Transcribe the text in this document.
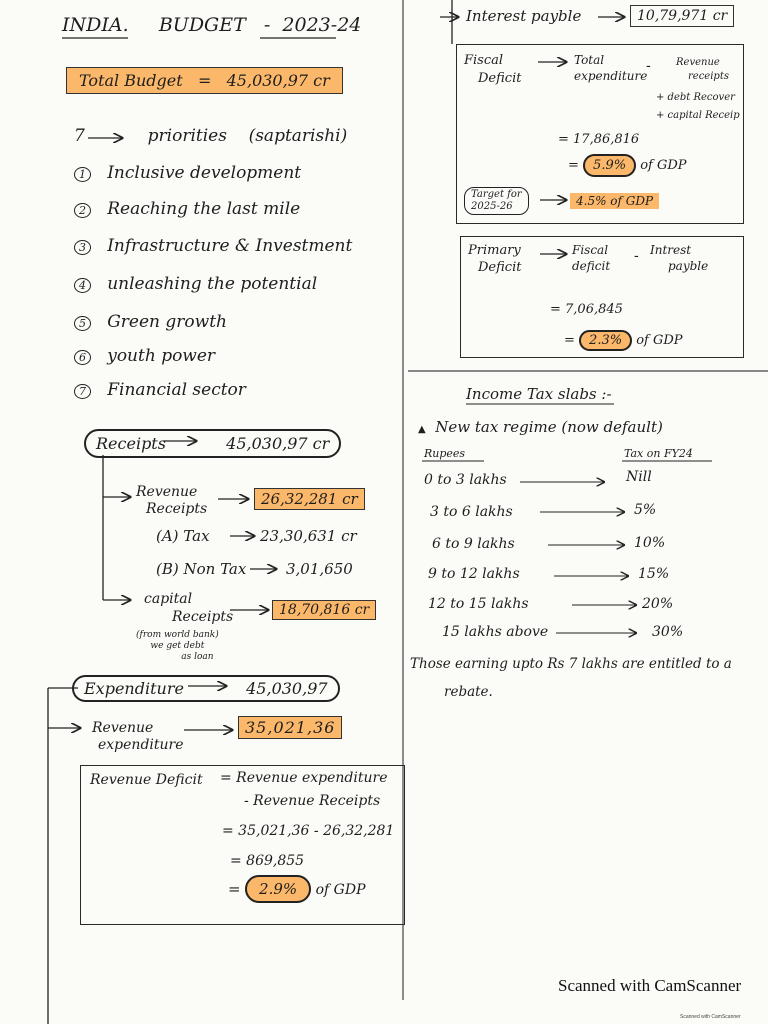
INDIA. BUDGET - 2023-24
Total Budget = 45,030,97 cr
7	priorities (saptarishi)
1 Inclusive development
2 Reaching the last mile
3 Infrastructure & Investment
4 unleashing the potential
5 Green growth
6 youth power
7 Financial sector
Receipts	45,030,97 cr
Revenue
Receipts
26,32,281 cr
(A) Tax	23,30,631 cr
(B) Non Tax	3,01,650
capital
Receipts	18,70,816 cr
(from world bank)
we get debt
as loan
Expenditure	45,030,97
Revenue
expenditure
35,021,36
Revenue Deficit = Revenue expenditure
- Revenue Receipts
= 35,021,36 - 26,32,281
= 869,855
= 2.9% of GDP
Interest payble	10,79,971 cr
Fiscal
Deficit
Total
expenditure
-	Revenue
receipts
+ debt Recover
+ capital Receip
= 17,86,816
= 5.9% of GDP
Target for
2025-26	4.5% of GDP
Primary
Deficit
Fiscal
deficit
- Intrest
payble
= 7,06,845
= 2.3% of GDP
Income Tax slabs :-
▲ New tax regime (now default)
Rupees	Tax on FY24
0 to 3 lakhs	Nill
3 to 6 lakhs	5%
6 to 9 lakhs	10%
9 to 12 lakhs	15%
12 to 15 lakhs	20%
15 lakhs above	30%
Those earning upto Rs 7 lakhs are entitled to a
rebate.
Scanned with CamScanner
Scanned with CamScanner
